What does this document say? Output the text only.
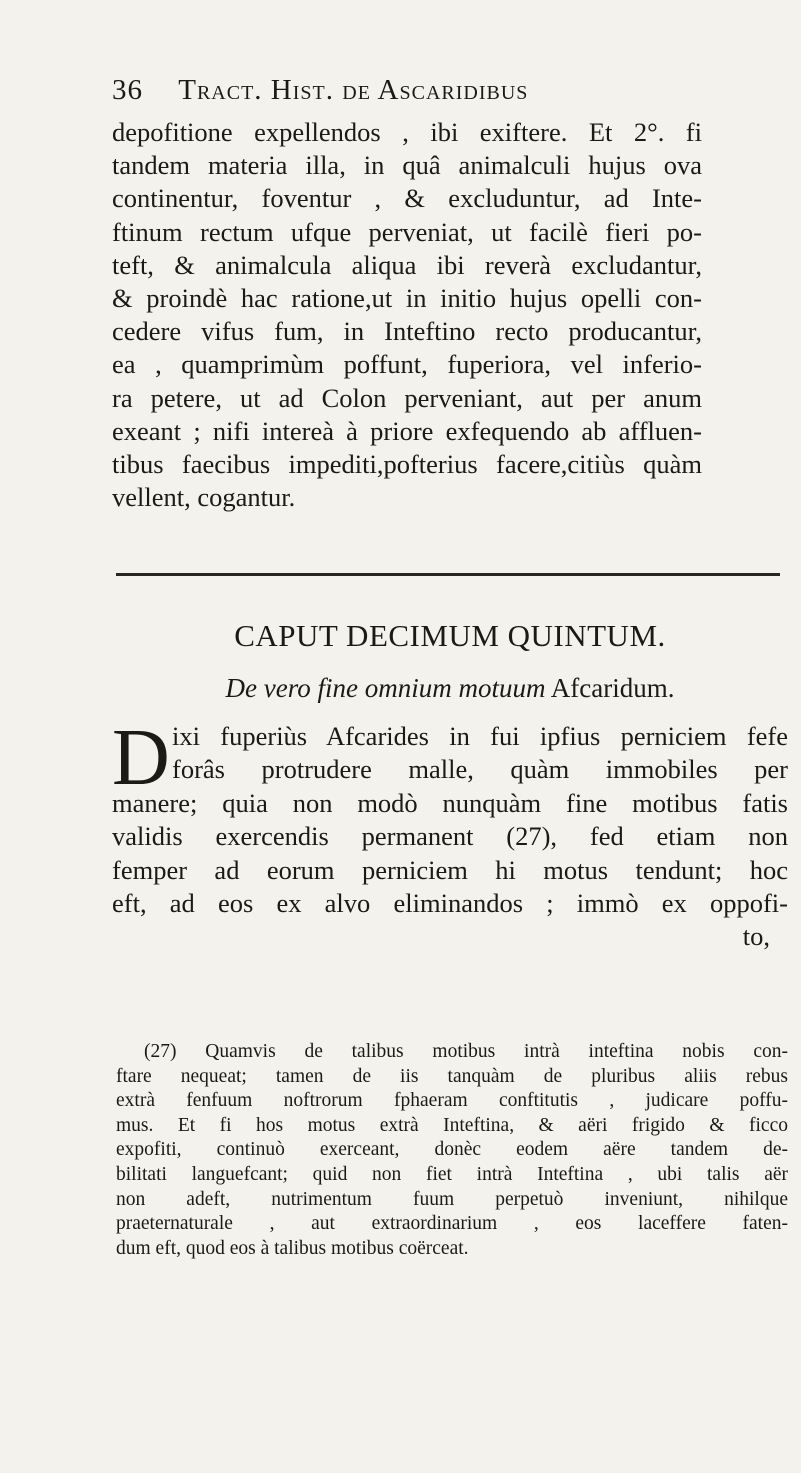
36 Tract. Hist. de Ascaridibus
depofitione expellendos , ibi exiftere. Et 2°. fi
tandem materia illa, in quâ animalculi hujus ova
continentur, foventur , & excluduntur, ad Inte-
ftinum rectum ufque perveniat, ut facilè fieri po-
teft, & animalcula aliqua ibi reverà excludantur,
& proindè hac ratione,ut in initio hujus opelli con-
cedere vifus fum, in Inteftino recto producantur,
ea , quamprimùm poffunt, fuperiora, vel inferio-
ra petere, ut ad Colon perveniant, aut per anum
exeant ; nifi intereà à priore exfequendo ab affluen-
tibus faecibus impediti,pofterius facere,citiùs quàm
vellent, cogantur.
CAPUT DECIMUM QUINTUM.
De vero fine omnium motuum Afcaridum.
D ixi fuperiùs Afcarides in fui ipfius perniciem fefe
forâs protrudere malle, quàm immobiles per
manere; quia non modò nunquàm fine motibus fatis
validis exercendis permanent (27), fed etiam non
femper ad eorum perniciem hi motus tendunt; hoc
eft, ad eos ex alvo eliminandos ; immò ex oppofi-
to,
(27) Quamvis de talibus motibus intrà inteftina nobis con-
ftare nequeat; tamen de iis tanquàm de pluribus aliis rebus
extrà fenfuum noftrorum fphaeram conftitutis , judicare poffu-
mus. Et fi hos motus extrà Inteftina, & aëri frigido & ficco
expofiti, continuò exerceant, donèc eodem aëre tandem de-
bilitati languefcant; quid non fiet intrà Inteftina , ubi talis aër
non adeft, nutrimentum fuum perpetuò inveniunt, nihilque
praeternaturale , aut extraordinarium , eos laceffere faten-
dum eft, quod eos à talibus motibus coërceat.
